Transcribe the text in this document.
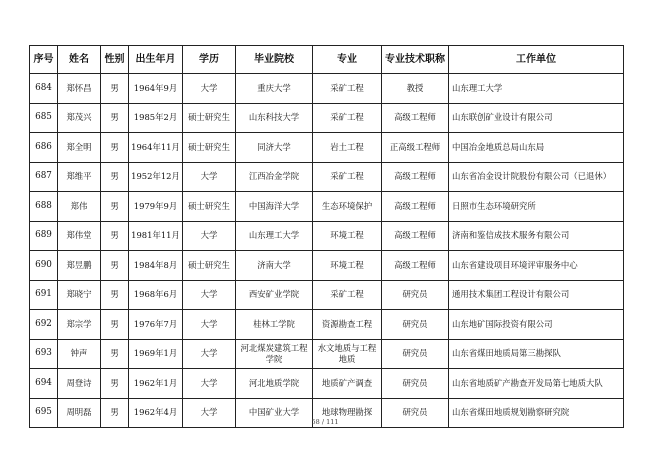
序号	姓名	性别	出生年月	学历	毕业院校	专业	专业技术职称	工作单位
684	郑怀昌	男	1964年9月	大学	重庆大学	采矿工程	教授	山东理工大学
685	郑茂兴	男	1985年2月	硕士研究生	山东科技大学	采矿工程	高级工程师	山东联创矿业设计有限公司
686	郑全明	男	1964年11月	硕士研究生	同济大学	岩土工程	正高级工程师	中国冶金地质总局山东局
687	郑维平	男	1952年12月	大学	江西冶金学院	采矿工程	高级工程师	山东省冶金设计院股份有限公司（已退休）
688	郑伟	男	1979年9月	硕士研究生	中国海洋大学	生态环境保护	高级工程师	日照市生态环境研究所
689	郑伟堂	男	1981年11月	大学	山东理工大学	环境工程	高级工程师	济南和鉴信成技术服务有限公司
690	郑昱鹏	男	1984年8月	硕士研究生	济南大学	环境工程	高级工程师	山东省建设项目环境评审服务中心
691	郑晓宁	男	1968年6月	大学	西安矿业学院	采矿工程	研究员	通用技术集团工程设计有限公司
692	郑宗学	男	1976年7月	大学	桂林工学院	资源勘查工程	研究员	山东地矿国际投资有限公司
693	钟声	男	1969年1月	大学	河北煤炭建筑工程学院	水文地质与工程地质	研究员	山东省煤田地质局第三勘探队
694	周登诗	男	1962年1月	大学	河北地质学院	地质矿产调查	研究员	山东省地质矿产勘查开发局第七地质大队
695	周明磊	男	1962年4月	大学	中国矿业大学	地球物理勘探	研究员	山东省煤田地质规划勘察研究院
58 / 111
